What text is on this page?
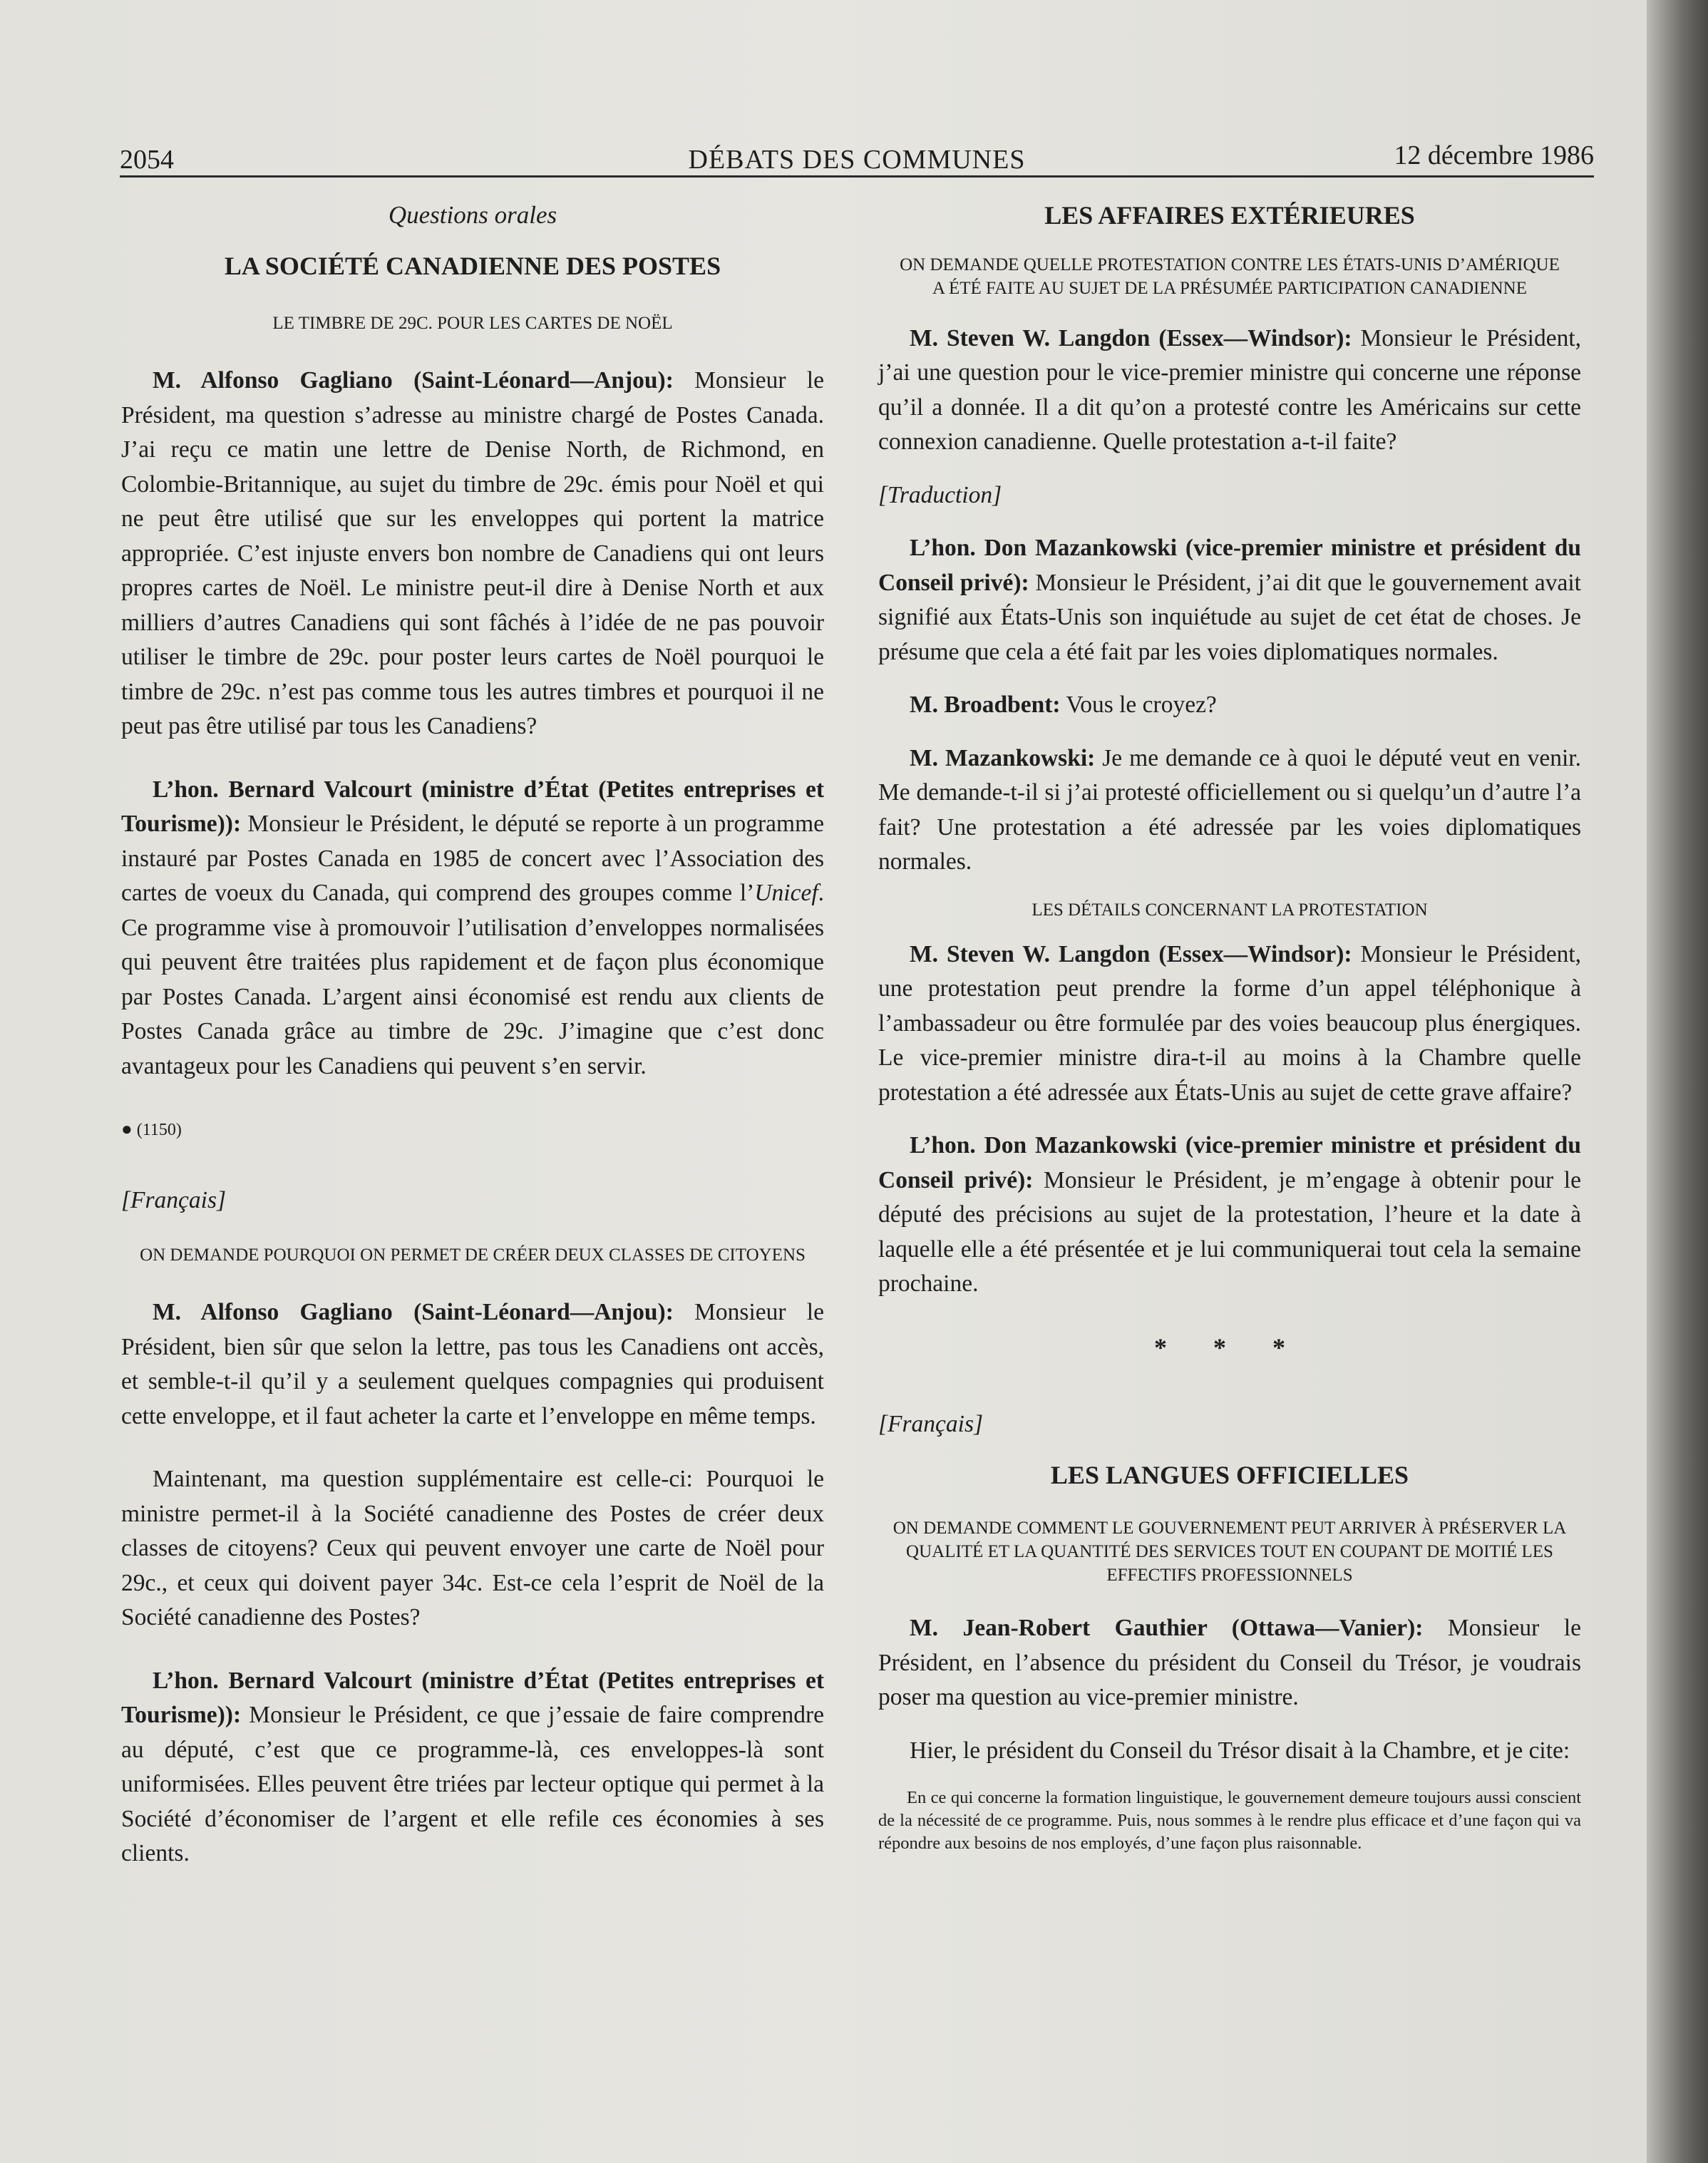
2054	DÉBATS DES COMMUNES	12 décembre 1986
Questions orales
LA SOCIÉTÉ CANADIENNE DES POSTES
LE TIMBRE DE 29C. POUR LES CARTES DE NOËL

M. Alfonso Gagliano (Saint-Léonard—Anjou): Monsieur le Président, ma question s’adresse au ministre chargé de Postes Canada. J’ai reçu ce matin une lettre de Denise North, de Richmond, en Colombie-Britannique, au sujet du timbre de 29c. émis pour Noël et qui ne peut être utilisé que sur les enveloppes qui portent la matrice appropriée. C’est injuste envers bon nombre de Canadiens qui ont leurs propres cartes de Noël. Le ministre peut-il dire à Denise North et aux milliers d’autres Canadiens qui sont fâchés à l’idée de ne pas pouvoir utiliser le timbre de 29c. pour poster leurs cartes de Noël pourquoi le timbre de 29c. n’est pas comme tous les autres timbres et pourquoi il ne peut pas être utilisé par tous les Canadiens?

L’hon. Bernard Valcourt (ministre d’État (Petites entreprises et Tourisme)): Monsieur le Président, le député se reporte à un programme instauré par Postes Canada en 1985 de concert avec l’Association des cartes de voeux du Canada, qui comprend des groupes comme l’Unicef. Ce programme vise à promouvoir l’utilisation d’enveloppes normalisées qui peuvent être traitées plus rapidement et de façon plus économique par Postes Canada. L’argent ainsi économisé est rendu aux clients de Postes Canada grâce au timbre de 29c. J’imagine que c’est donc avantageux pour les Canadiens qui peuvent s’en servir.

● (1150)
[Français]
ON DEMANDE POURQUOI ON PERMET DE CRÉER DEUX CLASSES DE CITOYENS

M. Alfonso Gagliano (Saint-Léonard—Anjou): Monsieur le Président, bien sûr que selon la lettre, pas tous les Canadiens ont accès, et semble-t-il qu’il y a seulement quelques compagnies qui produisent cette enveloppe, et il faut acheter la carte et l’enveloppe en même temps.

Maintenant, ma question supplémentaire est celle-ci: Pourquoi le ministre permet-il à la Société canadienne des Postes de créer deux classes de citoyens? Ceux qui peuvent envoyer une carte de Noël pour 29c., et ceux qui doivent payer 34c. Est-ce cela l’esprit de Noël de la Société canadienne des Postes?

L’hon. Bernard Valcourt (ministre d’État (Petites entreprises et Tourisme)): Monsieur le Président, ce que j’essaie de faire comprendre au député, c’est que ce programme-là, ces enveloppes-là sont uniformisées. Elles peuvent être triées par lecteur optique qui permet à la Société d’économiser de l’argent et elle refile ces économies à ses clients.

LES AFFAIRES EXTÉRIEURES
ON DEMANDE QUELLE PROTESTATION CONTRE LES ÉTATS-UNIS D’AMÉRIQUE A ÉTÉ FAITE AU SUJET DE LA PRÉSUMÉE PARTICIPATION CANADIENNE

M. Steven W. Langdon (Essex—Windsor): Monsieur le Président, j’ai une question pour le vice-premier ministre qui concerne une réponse qu’il a donnée. Il a dit qu’on a protesté contre les Américains sur cette connexion canadienne. Quelle protestation a-t-il faite?

[Traduction]

L’hon. Don Mazankowski (vice-premier ministre et président du Conseil privé): Monsieur le Président, j’ai dit que le gouvernement avait signifié aux États-Unis son inquiétude au sujet de cet état de choses. Je présume que cela a été fait par les voies diplomatiques normales.

M. Broadbent: Vous le croyez?

M. Mazankowski: Je me demande ce à quoi le député veut en venir. Me demande-t-il si j’ai protesté officiellement ou si quelqu’un d’autre l’a fait? Une protestation a été adressée par les voies diplomatiques normales.

LES DÉTAILS CONCERNANT LA PROTESTATION

M. Steven W. Langdon (Essex—Windsor): Monsieur le Président, une protestation peut prendre la forme d’un appel téléphonique à l’ambassadeur ou être formulée par des voies beaucoup plus énergiques. Le vice-premier ministre dira-t-il au moins à la Chambre quelle protestation a été adressée aux États-Unis au sujet de cette grave affaire?

L’hon. Don Mazankowski (vice-premier ministre et président du Conseil privé): Monsieur le Président, je m’engage à obtenir pour le député des précisions au sujet de la protestation, l’heure et la date à laquelle elle a été présentée et je lui communiquerai tout cela la semaine prochaine.

* * *
[Français]
LES LANGUES OFFICIELLES
ON DEMANDE COMMENT LE GOUVERNEMENT PEUT ARRIVER À PRÉSERVER LA QUALITÉ ET LA QUANTITÉ DES SERVICES TOUT EN COUPANT DE MOITIÉ LES EFFECTIFS PROFESSIONNELS

M. Jean-Robert Gauthier (Ottawa—Vanier): Monsieur le Président, en l’absence du président du Conseil du Trésor, je voudrais poser ma question au vice-premier ministre.

Hier, le président du Conseil du Trésor disait à la Chambre, et je cite:

En ce qui concerne la formation linguistique, le gouvernement demeure toujours aussi conscient de la nécessité de ce programme. Puis, nous sommes à le rendre plus efficace et d’une façon qui va répondre aux besoins de nos employés, d’une façon plus raisonnable.
